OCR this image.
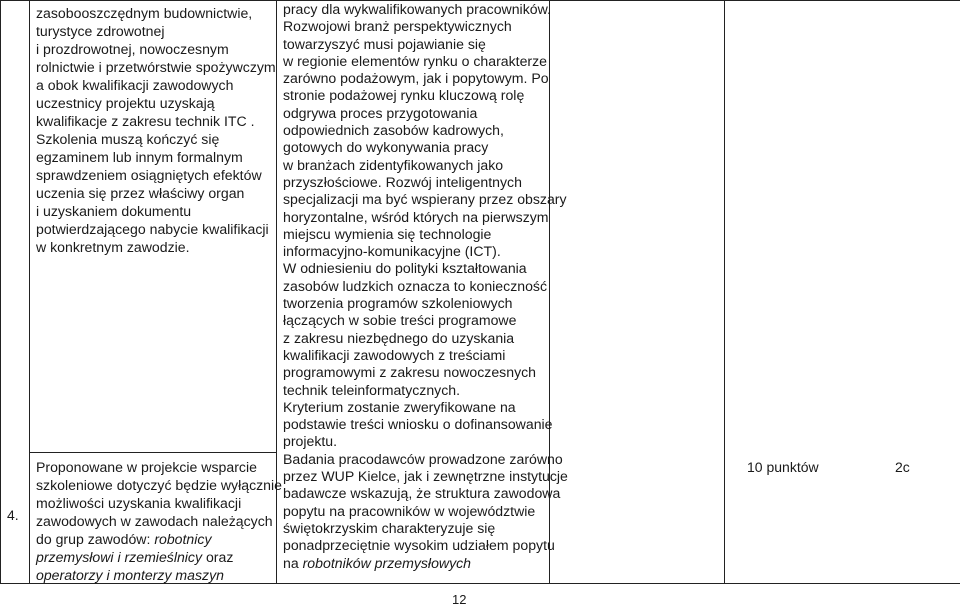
4.
zasobooszczędnym budownictwie,
turystyce zdrowotnej
i prozdrowotnej, nowoczesnym
rolnictwie i przetwórstwie spożywczym
a obok kwalifikacji zawodowych
uczestnicy projektu uzyskają
kwalifikacje z zakresu technik ITC .
Szkolenia muszą kończyć się
egzaminem lub innym formalnym
sprawdzeniem osiągniętych efektów
uczenia się przez właściwy organ
i uzyskaniem dokumentu
potwierdzającego nabycie kwalifikacji
w konkretnym zawodzie.
Proponowane w projekcie wsparcie
szkoleniowe dotyczyć będzie wyłącznie
możliwości uzyskania kwalifikacji
zawodowych w zawodach należących
do grup zawodów: robotnicy
przemysłowi i rzemieślnicy oraz
operatorzy i monterzy maszyn
pracy dla wykwalifikowanych pracowników.
Rozwojowi branż perspektywicznych
towarzyszyć musi pojawianie się
w regionie elementów rynku o charakterze
zarówno podażowym, jak i popytowym. Po
stronie podażowej rynku kluczową rolę
odgrywa proces przygotowania
odpowiednich zasobów kadrowych,
gotowych do wykonywania pracy
w branżach zidentyfikowanych jako
przyszłościowe. Rozwój inteligentnych
specjalizacji ma być wspierany przez obszary
horyzontalne, wśród których na pierwszym
miejscu wymienia się technologie
informacyjno-komunikacyjne (ICT).
W odniesieniu do polityki kształtowania
zasobów ludzkich oznacza to konieczność
tworzenia programów szkoleniowych
łączących w sobie treści programowe
z zakresu niezbędnego do uzyskania
kwalifikacji zawodowych z treściami
programowymi z zakresu nowoczesnych
technik teleinformatycznych.
Kryterium zostanie zweryfikowane na
podstawie treści wniosku o dofinansowanie
projektu.
Badania pracodawców prowadzone zarówno
przez WUP Kielce, jak i zewnętrzne instytucje
badawcze wskazują, że struktura zawodowa
popytu na pracowników w województwie
świętokrzyskim charakteryzuje się
ponadprzeciętnie wysokim udziałem popytu
na robotników przemysłowych
10 punktów	2c
12
